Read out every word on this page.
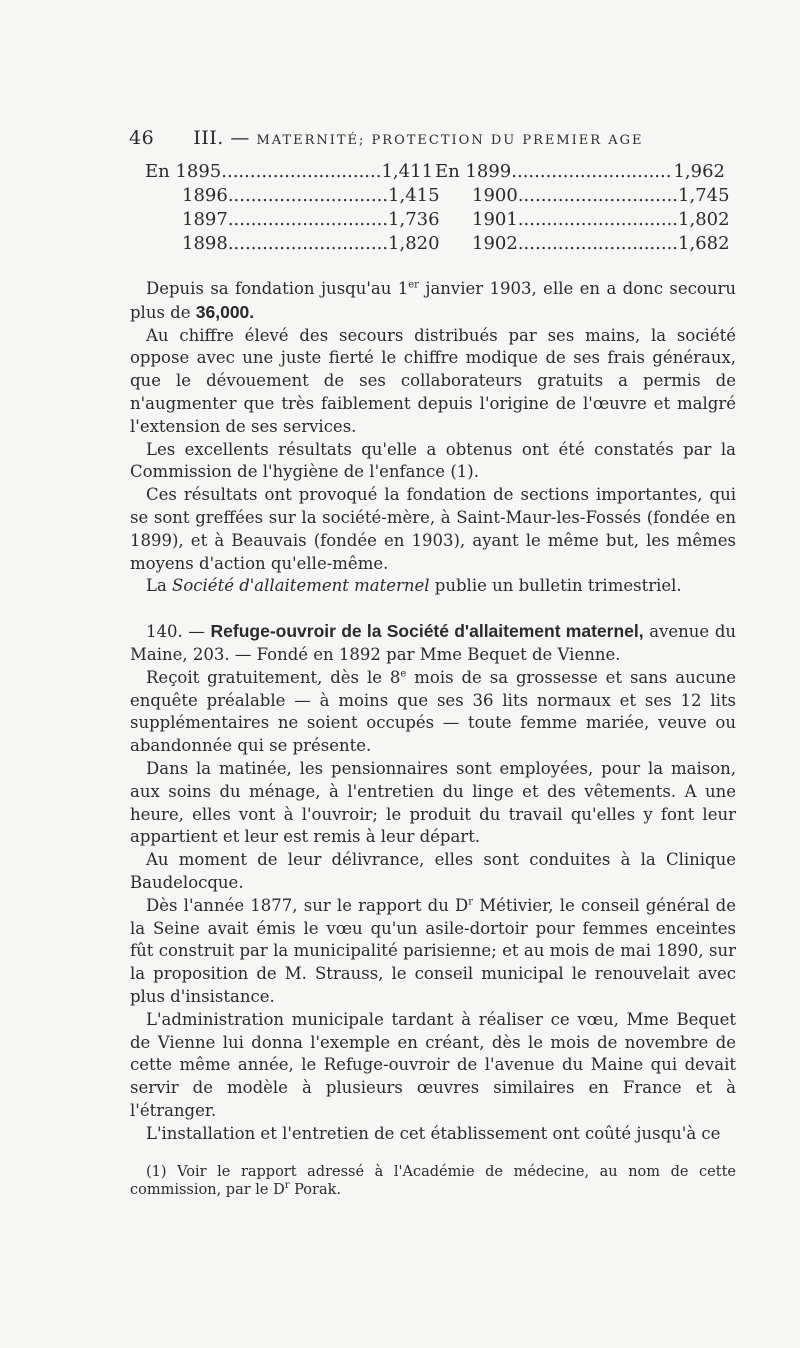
46 III. — MATERNITÉ; PROTECTION DU PREMIER AGE
En 1895 ............................ 1,411 En 1899 ............................ 1,962
1896 ............................ 1,415 1900 ............................ 1,745
1897 ............................ 1,736 1901 ............................ 1,802
1898 ............................ 1,820 1902 ............................ 1,682

Depuis sa fondation jusqu'au 1er janvier 1903, elle en a donc secouru plus de 36,000.

Au chiffre élevé des secours distribués par ses mains, la société oppose avec une juste fierté le chiffre modique de ses frais généraux, que le dévouement de ses collaborateurs gratuits a permis de n'augmenter que très faiblement depuis l'origine de l'œuvre et malgré l'extension de ses services.

Les excellents résultats qu'elle a obtenus ont été constatés par la Commission de l'hygiène de l'enfance (1).

Ces résultats ont provoqué la fondation de sections importantes, qui se sont greffées sur la société-mère, à Saint-Maur-les-Fossés (fondée en 1899), et à Beauvais (fondée en 1903), ayant le même but, les mêmes moyens d'action qu'elle-même.

La Société d'allaitement maternel publie un bulletin trimestriel.

140. — Refuge-ouvroir de la Société d'allaitement maternel, avenue du Maine, 203. — Fondé en 1892 par Mme Bequet de Vienne.

Reçoit gratuitement, dès le 8e mois de sa grossesse et sans aucune enquête préalable — à moins que ses 36 lits normaux et ses 12 lits supplémentaires ne soient occupés — toute femme mariée, veuve ou abandonnée qui se présente.

Dans la matinée, les pensionnaires sont employées, pour la maison, aux soins du ménage, à l'entretien du linge et des vêtements. A une heure, elles vont à l'ouvroir; le produit du travail qu'elles y font leur appartient et leur est remis à leur départ.

Au moment de leur délivrance, elles sont conduites à la Clinique Baudelocque.

Dès l'année 1877, sur le rapport du $D^r$ Métivier, le conseil général de la Seine avait émis le vœu qu'un asile-dortoir pour femmes enceintes fût construit par la municipalité parisienne; et au mois de mai 1890, sur la proposition de M. Strauss, le conseil municipal le renouvelait avec plus d'insistance.

L'administration municipale tardant à réaliser ce vœu, Mme Bequet de Vienne lui donna l'exemple en créant, dès le mois de novembre de cette même année, le Refuge-ouvroir de l'avenue du Maine qui devait servir de modèle à plusieurs œuvres similaires en France et à l'étranger.

L'installation et l'entretien de cet établissement ont coûté jusqu'à ce

(1) Voir le rapport adressé à l'Académie de médecine, au nom de cette commission, par le $D^r$ Porak.
